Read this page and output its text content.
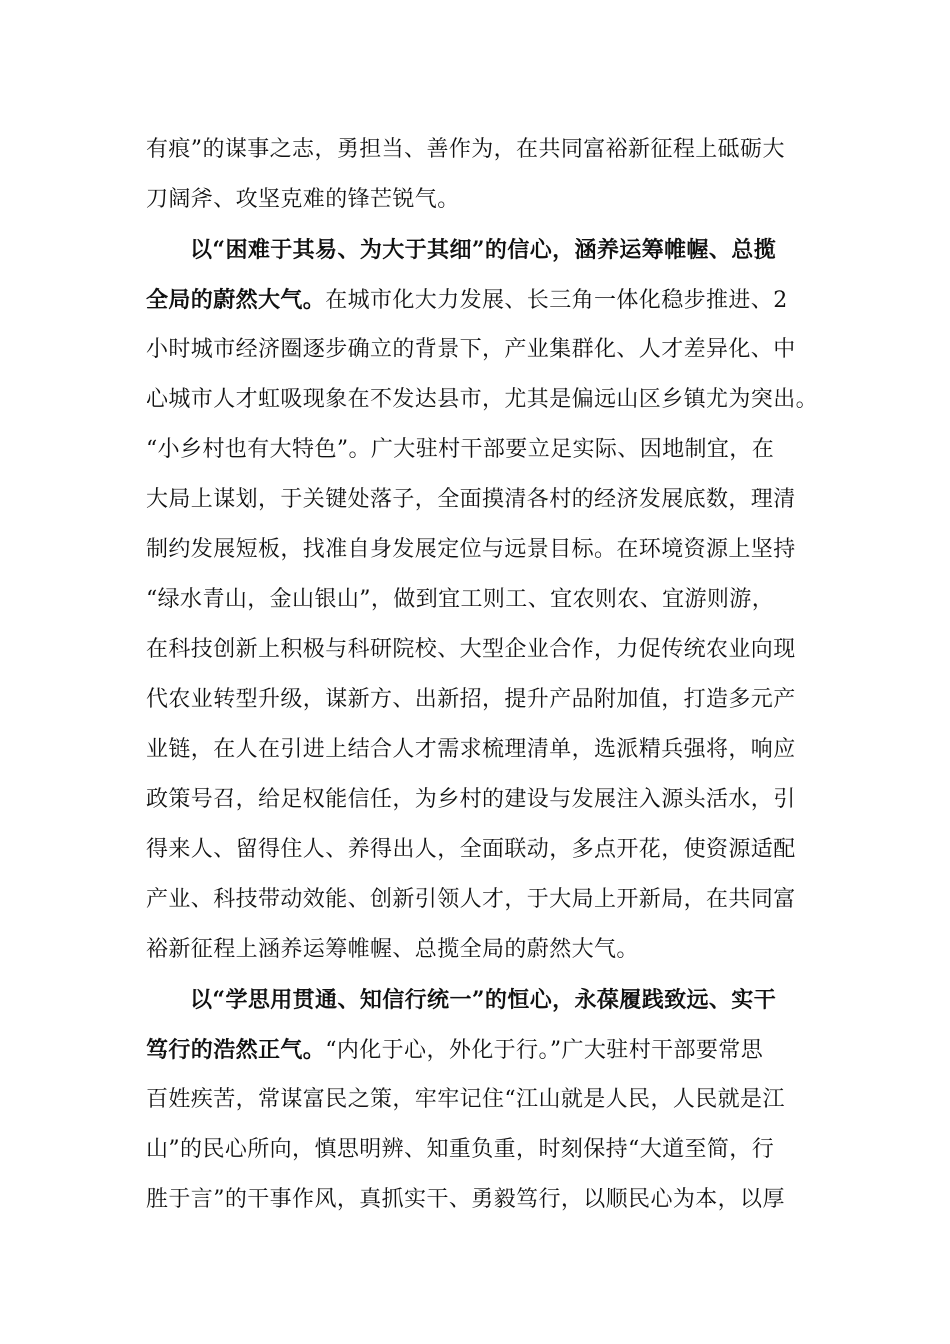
有痕”的谋事之志，勇担当、善作为，在共同富裕新征程上砥砺大
刀阔斧、攻坚克难的锋芒锐气。
以“困难于其易、为大于其细”的信心，涵养运筹帷幄、总揽
全局的蔚然大气。在城市化大力发展、长三角一体化稳步推进、2
小时城市经济圈逐步确立的背景下，产业集群化、人才差异化、中
心城市人才虹吸现象在不发达县市，尤其是偏远山区乡镇尤为突出。
“小乡村也有大特色”。广大驻村干部要立足实际、因地制宜，在
大局上谋划，于关键处落子，全面摸清各村的经济发展底数，理清
制约发展短板，找准自身发展定位与远景目标。在环境资源上坚持
“绿水青山，金山银山”，做到宜工则工、宜农则农、宜游则游，
在科技创新上积极与科研院校、大型企业合作，力促传统农业向现
代农业转型升级，谋新方、出新招，提升产品附加值，打造多元产
业链，在人在引进上结合人才需求梳理清单，选派精兵强将，响应
政策号召，给足权能信任，为乡村的建设与发展注入源头活水，引
得来人、留得住人、养得出人，全面联动，多点开花，使资源适配
产业、科技带动效能、创新引领人才，于大局上开新局，在共同富
裕新征程上涵养运筹帷幄、总揽全局的蔚然大气。
以“学思用贯通、知信行统一”的恒心，永葆履践致远、实干
笃行的浩然正气。“内化于心，外化于行。”广大驻村干部要常思
百姓疾苦，常谋富民之策，牢牢记住“江山就是人民，人民就是江
山”的民心所向，慎思明辨、知重负重，时刻保持“大道至简，行
胜于言”的干事作风，真抓实干、勇毅笃行，以顺民心为本，以厚
